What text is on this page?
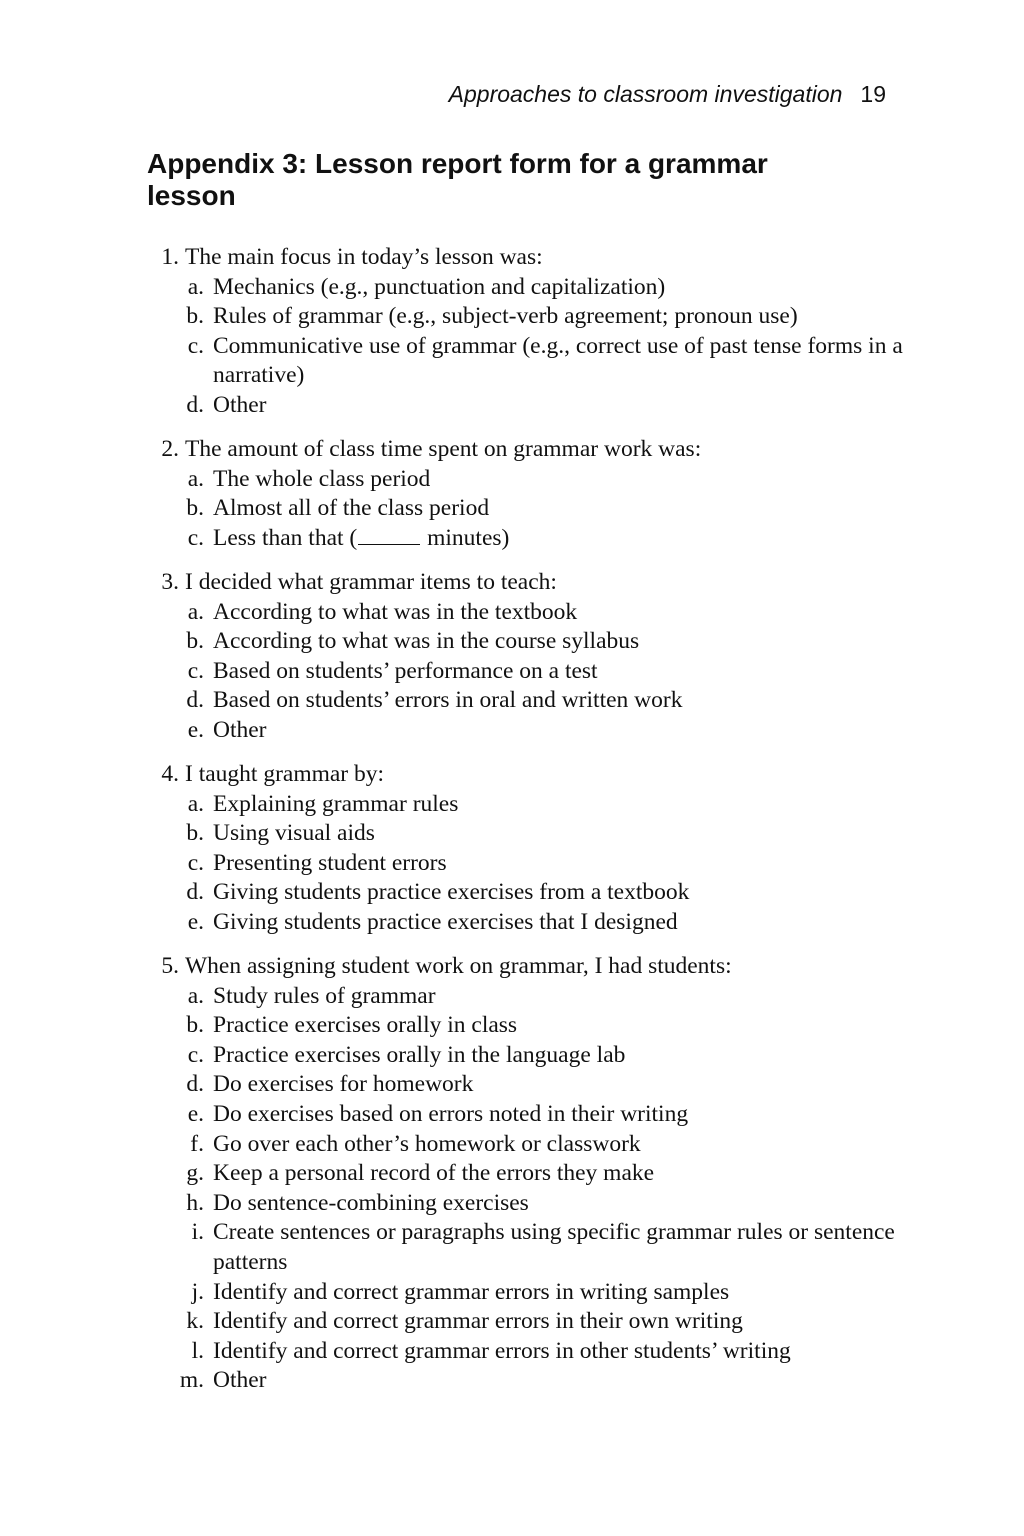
Approaches to classroom investigation 19
Appendix 3: Lesson report form for a grammar lesson
1. The main focus in today’s lesson was:
a. Mechanics (e.g., punctuation and capitalization)
b. Rules of grammar (e.g., subject-verb agreement; pronoun use)
c. Communicative use of grammar (e.g., correct use of past tense forms in a narrative)
d. Other
2. The amount of class time spent on grammar work was:
a. The whole class period
b. Almost all of the class period
c. Less than that (	minutes)
3. I decided what grammar items to teach:
a. According to what was in the textbook
b. According to what was in the course syllabus
c. Based on students’ performance on a test
d. Based on students’ errors in oral and written work
e. Other
4. I taught grammar by:
a. Explaining grammar rules
b. Using visual aids
c. Presenting student errors
d. Giving students practice exercises from a textbook
e. Giving students practice exercises that I designed
5. When assigning student work on grammar, I had students:
a. Study rules of grammar
b. Practice exercises orally in class
c. Practice exercises orally in the language lab
d. Do exercises for homework
e. Do exercises based on errors noted in their writing
f. Go over each other’s homework or classwork
g. Keep a personal record of the errors they make
h. Do sentence-combining exercises
i. Create sentences or paragraphs using specific grammar rules or sentence patterns
j. Identify and correct grammar errors in writing samples
k. Identify and correct grammar errors in their own writing
l. Identify and correct grammar errors in other students’ writing
m. Other
